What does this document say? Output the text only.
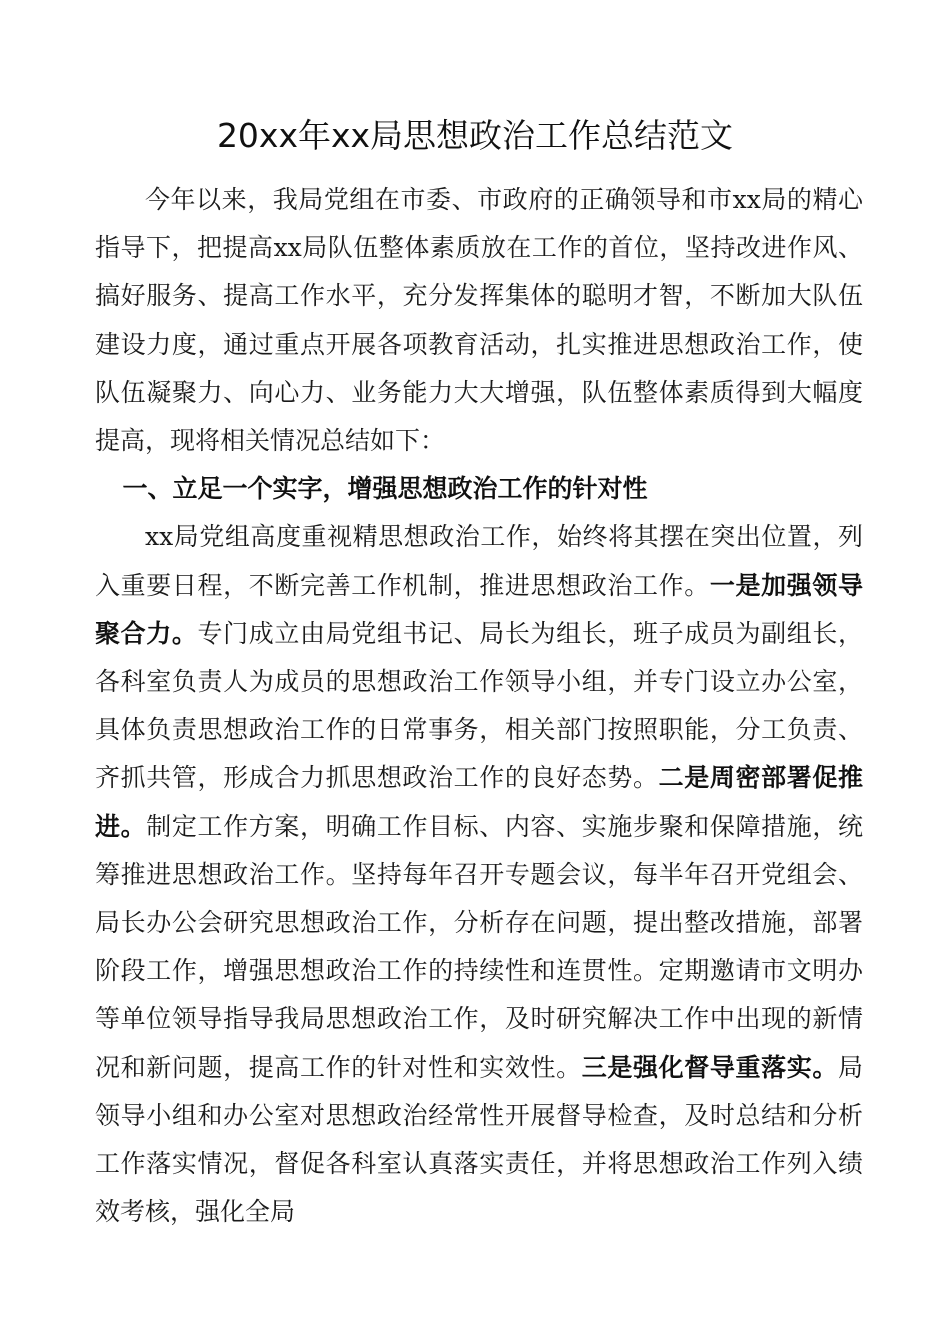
20xx年xx局思想政治工作总结范文

今年以来，我局党组在市委、市政府的正确领导和市xx局的精心指导下，把提高xx局队伍整体素质放在工作的首位，坚持改进作风、搞好服务、提高工作水平，充分发挥集体的聪明才智，不断加大队伍建设力度，通过重点开展各项教育活动，扎实推进思想政治工作，使队伍凝聚力、向心力、业务能力大大增强，队伍整体素质得到大幅度提高，现将相关情况总结如下：

一、立足一个实字，增强思想政治工作的针对性

xx局党组高度重视精思想政治工作，始终将其摆在突出位置，列入重要日程，不断完善工作机制，推进思想政治工作。一是加强领导聚合力。专门成立由局党组书记、局长为组长，班子成员为副组长，各科室负责人为成员的思想政治工作领导小组，并专门设立办公室，具体负责思想政治工作的日常事务，相关部门按照职能，分工负责、齐抓共管，形成合力抓思想政治工作的良好态势。二是周密部署促推进。制定工作方案，明确工作目标、内容、实施步聚和保障措施，统筹推进思想政治工作。坚持每年召开专题会议，每半年召开党组会、局长办公会研究思想政治工作，分析存在问题，提出整改措施，部署阶段工作，增强思想政治工作的持续性和连贯性。定期邀请市文明办等单位领导指导我局思想政治工作，及时研究解决工作中出现的新情况和新问题，提高工作的针对性和实效性。三是强化督导重落实。局领导小组和办公室对思想政治经常性开展督导检查，及时总结和分析工作落实情况，督促各科室认真落实责任，并将思想政治工作列入绩效考核，强化全局
